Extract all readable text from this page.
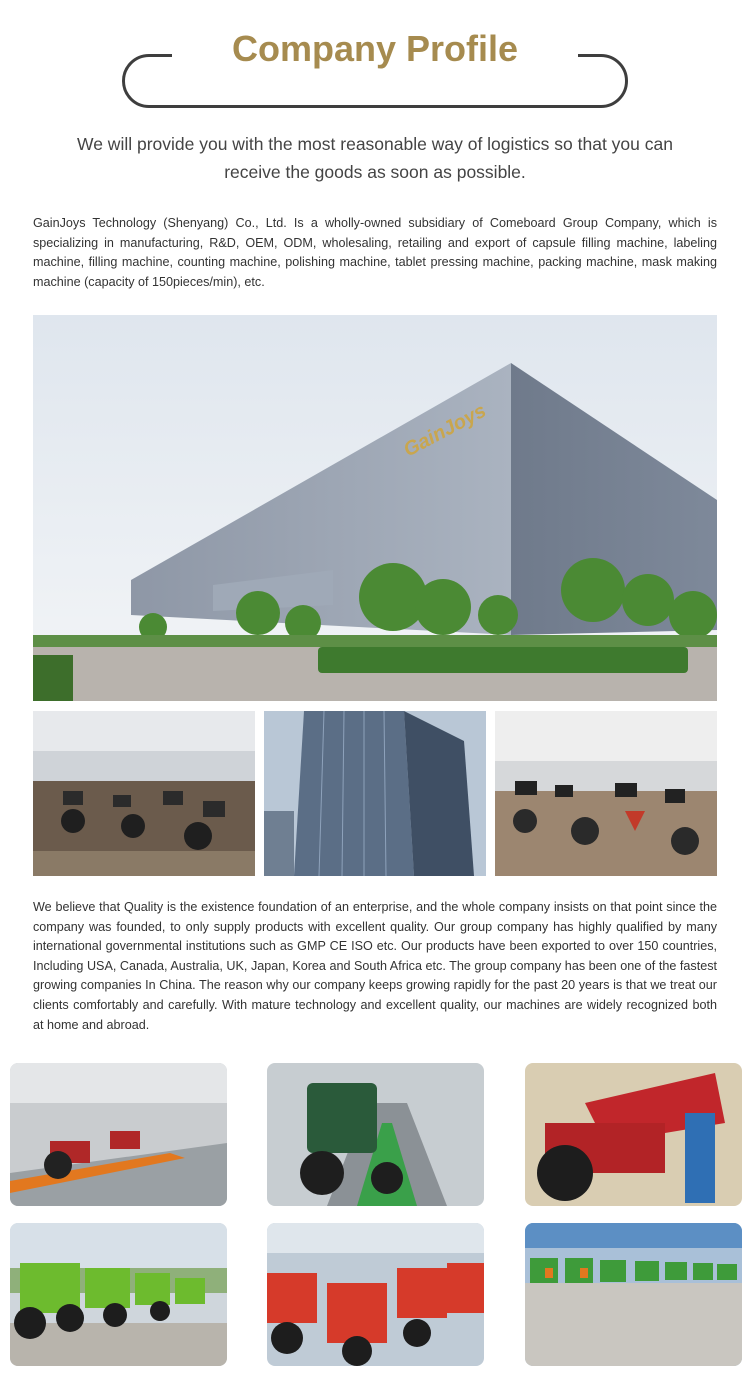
Company Profile
We will provide you with the most reasonable way of logistics so that you can receive the goods as soon as possible.
GainJoys Technology (Shenyang) Co., Ltd. Is a wholly-owned subsidiary of Comeboard Group Company, which is specializing in manufacturing, R&D, OEM, ODM, wholesaling, retailing and export of capsule filling machine, labeling machine, filling machine, counting machine, polishing machine, tablet pressing machine, packing machine, mask making machine (capacity of 150pieces/min), etc.
GainJoys
We believe that Quality is the existence foundation of an enterprise, and the whole company insists on that point since the company was founded, to only supply products with excellent quality. Our group company has highly qualified by many international governmental institutions such as GMP CE ISO etc. Our products have been exported to over 150 countries, Including USA, Canada, Australia, UK, Japan, Korea and South Africa etc. The group company has been one of the fastest growing companies In China. The reason why our company keeps growing rapidly for the past 20 years is that we treat our clients comfortably and carefully. With mature technology and excellent quality, our machines are widely recognized both at home and abroad.
